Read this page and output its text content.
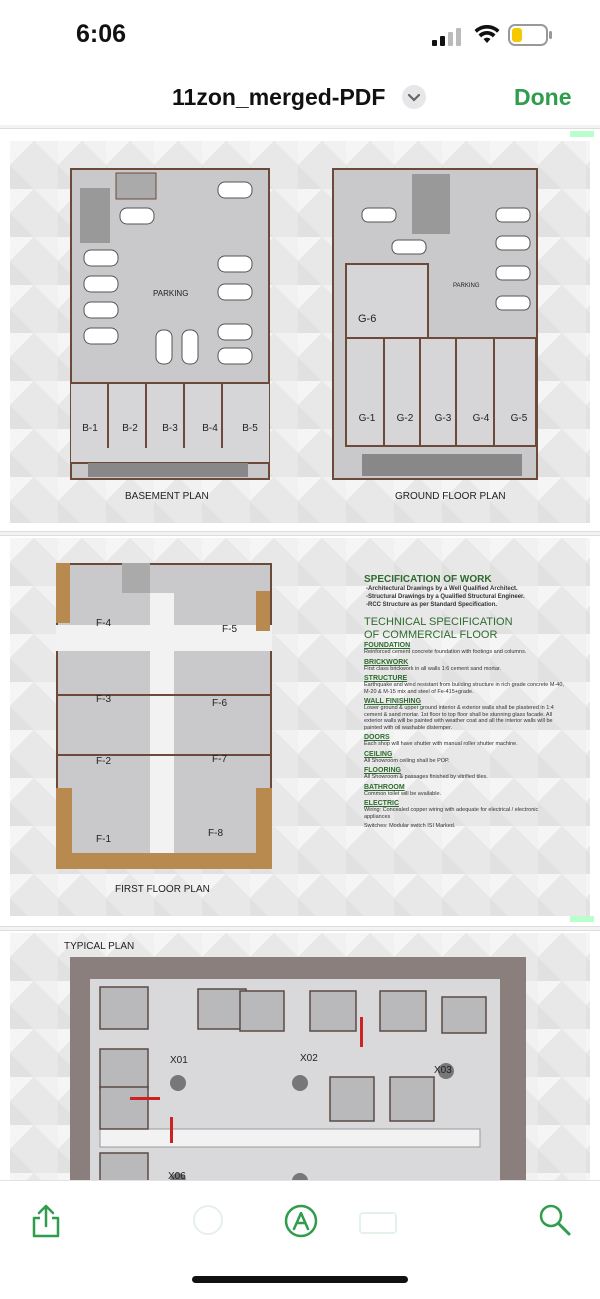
6:06
11zon_merged-PDF	Done
PARKING
B-1 B-2 B-3 B-4 B-5
BASEMENT PLAN
PARKING
G-6
G-1 G-2 G-3 G-4 G-5
GROUND FLOOR PLAN
F-4
F-3
F-2
F-1
F-5
F-6
F-7
F-8
FIRST FLOOR PLAN
SPECIFICATION OF WORK
-Architectural Drawings by a Well Qualified Architect.
-Structural Drawings by a Qualified Structural Engineer.
-RCC Structure as per Standard Specification.
TECHNICAL SPECIFICATION
OF COMMERCIAL FLOOR
FOUNDATION
Reinforced cement concrete foundation with footings and columns.
BRICKWORK
First class brickwork in all walls 1:6 cement sand mortar.
STRUCTURE
Earthquake and wind resistant from building structure in rich grade concrete M-40, M-20 & M-15 mix and steel of Fe-415+grade.
WALL FINISHING
Lower ground & upper ground interior & exterior walls shall be plastered in 1:4 cement & sand mortar. 1st floor to top floor shall be stunning glass facade. All exterior walls will be painted with weather coat and all the interior walls will be painted with oil washable distemper.
DOORS
Each shop will have shutter with manual roller shutter machine.
CEILING
All Showroom ceiling shall be POP.
FLOORING
All Showroom & passages finished by vitrified tiles.
BATHROOM
Common toilet will be available.
ELECTRIC
Wiring: Concealed copper wiring with adequate for electrical / electronic appliances
Switches: Modular switch ISI Marked.
TYPICAL PLAN
X01	X02
X03
X06
